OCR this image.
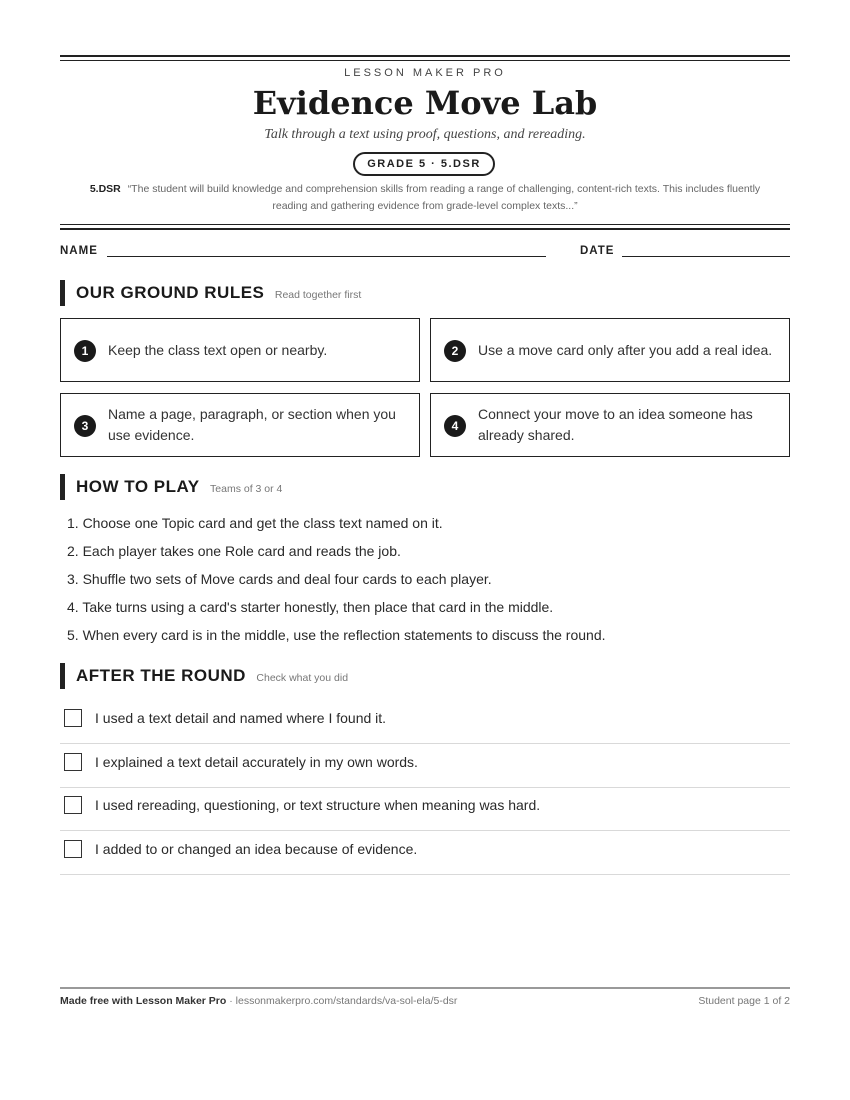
LESSON MAKER PRO
Evidence Move Lab
Talk through a text using proof, questions, and rereading.
GRADE 5 · 5.DSR
5.DSR “The student will build knowledge and comprehension skills from reading a range of challenging, content-rich texts. This includes fluently reading and gathering evidence from grade-level complex texts...”
NAME	DATE
OUR GROUND RULES Read together first
1	Keep the class text open or nearby.	2	Use a move card only after you add a real idea.
3
Name a page, paragraph, or section when you use evidence.
4
Connect your move to an idea someone has already shared.
HOW TO PLAY Teams of 3 or 4
1. Choose one Topic card and get the class text named on it.
2. Each player takes one Role card and reads the job.
3. Shuffle two sets of Move cards and deal four cards to each player.
4. Take turns using a card's starter honestly, then place that card in the middle.
5. When every card is in the middle, use the reflection statements to discuss the round.
AFTER THE ROUND Check what you did
I used a text detail and named where I found it.
I explained a text detail accurately in my own words.
I used rereading, questioning, or text structure when meaning was hard.
I added to or changed an idea because of evidence.
Made free with Lesson Maker Pro · lessonmakerpro.com/standards/va-sol-ela/5-dsr	Student page 1 of 2
